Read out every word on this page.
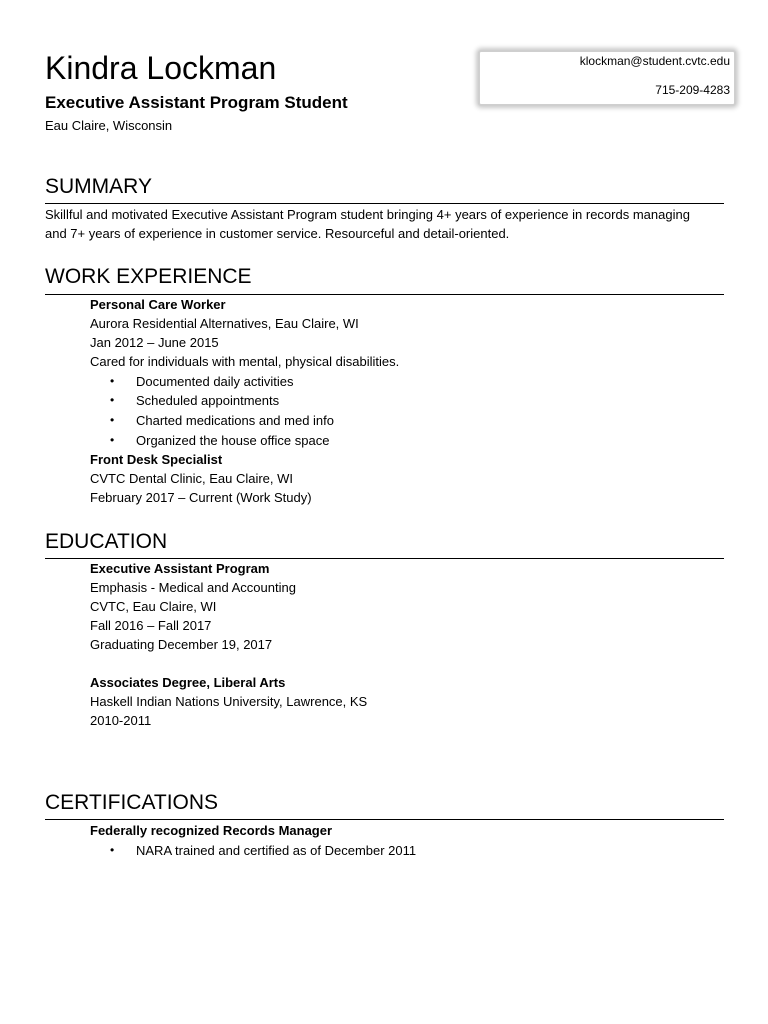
Kindra Lockman
Executive Assistant Program Student
Eau Claire, Wisconsin
klockman@student.cvtc.edu
715-209-4283
SUMMARY
Skillful and motivated Executive Assistant Program student bringing 4+ years of experience in records managing
and 7+ years of experience in customer service. Resourceful and detail-oriented.
WORK EXPERIENCE
Personal Care Worker
Aurora Residential Alternatives, Eau Claire, WI
Jan 2012 – June 2015
Cared for individuals with mental, physical disabilities.
• Documented daily activities
• Scheduled appointments
• Charted medications and med info
• Organized the house office space
Front Desk Specialist
CVTC Dental Clinic, Eau Claire, WI
February 2017 – Current (Work Study)
EDUCATION
Executive Assistant Program
Emphasis - Medical and Accounting
CVTC, Eau Claire, WI
Fall 2016 – Fall 2017
Graduating December 19, 2017
Associates Degree, Liberal Arts
Haskell Indian Nations University, Lawrence, KS
2010-2011
CERTIFICATIONS
Federally recognized Records Manager
• NARA trained and certified as of December 2011
